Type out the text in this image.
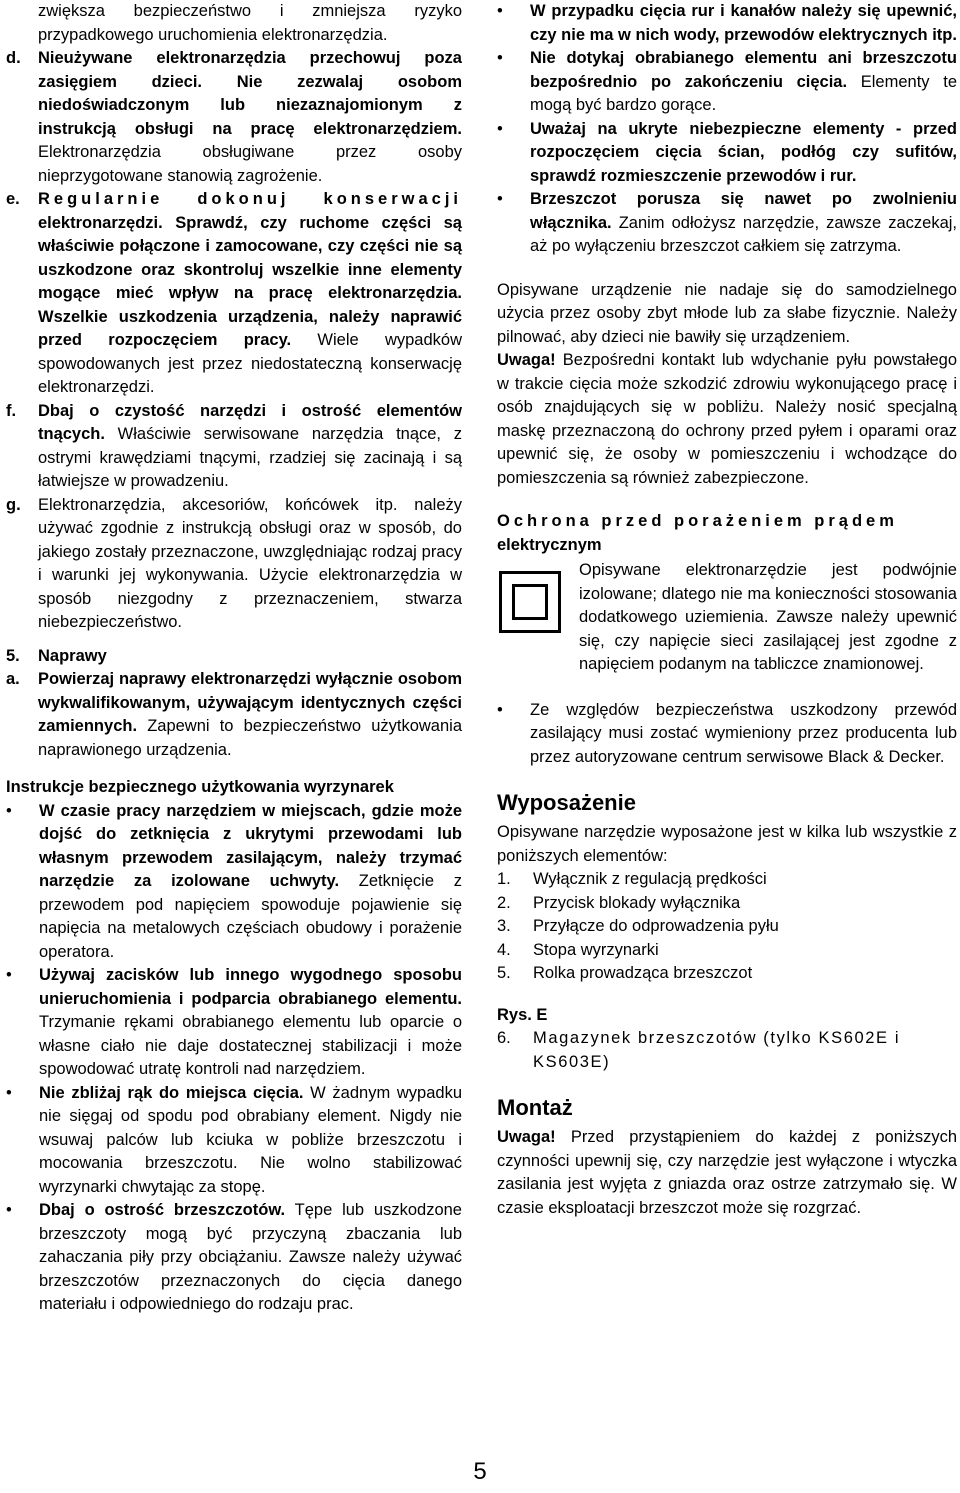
zwiększa bezpieczeństwo i zmniejsza ryzyko przypadkowego uruchomienia elektronarzędzia.

d.	Nieużywane elektronarzędzia przechowuj poza zasięgiem dzieci. Nie zezwalaj osobom niedoświadczonym lub niezaznajomionym z instrukcją obsługi na pracę elektronarzędziem. Elektronarzędzia obsługiwane przez osoby nieprzygotowane stanowią zagrożenie.

e.	Regularnie dokonuj konserwacji elektronarzędzi. Sprawdź, czy ruchome części są właściwie połączone i zamocowane, czy części nie są uszkodzone oraz skontroluj wszelkie inne elementy mogące mieć wpływ na pracę elektronarzędzia. Wszelkie uszkodzenia urządzenia, należy naprawić przed rozpoczęciem pracy. Wiele wypadków spowodowanych jest przez niedostateczną konserwację elektronarzędzi.

f.	Dbaj o czystość narzędzi i ostrość elementów tnących. Właściwie serwisowane narzędzia tnące, z ostrymi krawędziami tnącymi, rzadziej się zacinają i są łatwiejsze w prowadzeniu.

g.	Elektronarzędzia, akcesoriów, końcówek itp. należy używać zgodnie z instrukcją obsługi oraz w sposób, do jakiego zostały przeznaczone, uwzględniając rodzaj pracy i warunki jej wykonywania. Użycie elektronarzędzia w sposób niezgodny z przeznaczeniem, stwarza niebezpieczeństwo.

5.	Naprawy
a.	Powierzaj naprawy elektronarzędzi wyłącznie osobom wykwalifikowanym, używającym identycznych części zamiennych. Zapewni to bezpieczeństwo użytkowania naprawionego urządzenia.

Instrukcje bezpiecznego użytkowania wyrzynarek
•	W czasie pracy narzędziem w miejscach, gdzie może dojść do zetknięcia z ukrytymi przewodami lub własnym przewodem zasilającym, należy trzymać narzędzie za izolowane uchwyty. Zetknięcie z przewodem pod napięciem spowoduje pojawienie się napięcia na metalowych częściach obudowy i porażenie operatora.

•	Używaj zacisków lub innego wygodnego sposobu unieruchomienia i podparcia obrabianego elementu. Trzymanie rękami obrabianego elementu lub oparcie o własne ciało nie daje dostatecznej stabilizacji i może spowodować utratę kontroli nad narzędziem.

•	Nie zbliżaj rąk do miejsca cięcia. W żadnym wypadku nie sięgaj od spodu pod obrabiany element. Nigdy nie wsuwaj palców lub kciuka w pobliże brzeszczotu i mocowania brzeszczotu. Nie wolno stabilizować wyrzynarki chwytając za stopę.

•	Dbaj o ostrość brzeszczotów. Tępe lub uszkodzone brzeszczoty mogą być przyczyną zbaczania lub zahaczania piły przy obciążaniu. Zawsze należy używać brzeszczotów przeznaczonych do cięcia danego materiału i odpowiedniego do rodzaju prac.

•	W przypadku cięcia rur i kanałów należy się upewnić, czy nie ma w nich wody, przewodów elektrycznych itp.

•	Nie dotykaj obrabianego elementu ani brzeszczotu bezpośrednio po zakończeniu cięcia. Elementy te mogą być bardzo gorące.

•	Uważaj na ukryte niebezpieczne elementy - przed rozpoczęciem cięcia ścian, podłóg czy sufitów, sprawdź rozmieszczenie przewodów i rur.

•	Brzeszczot porusza się nawet po zwolnieniu włącznika. Zanim odłożysz narzędzie, zawsze zaczekaj, aż po wyłączeniu brzeszczot całkiem się zatrzyma.

Opisywane urządzenie nie nadaje się do samodzielnego użycia przez osoby zbyt młode lub za słabe fizycznie. Należy pilnować, aby dzieci nie bawiły się urządzeniem.

Uwaga! Bezpośredni kontakt lub wdychanie pyłu powstałego w trakcie cięcia może szkodzić zdrowiu wykonującego pracę i osób znajdujących się w pobliżu. Należy nosić specjalną maskę przeznaczoną do ochrony przed pyłem i oparami oraz upewnić się, że osoby w pomieszczeniu i wchodzące do pomieszczenia są również zabezpieczone.

Ochrona przed porażeniem prądem
elektrycznym

Opisywane elektronarzędzie jest podwójnie izolowane; dlatego nie ma konieczności stosowania dodatkowego uziemienia. Zawsze należy upewnić się, czy napięcie sieci zasilającej jest zgodne z napięciem podanym na tabliczce znamionowej.

•	Ze względów bezpieczeństwa uszkodzony przewód zasilający musi zostać wymieniony przez producenta lub przez autoryzowane centrum serwisowe Black & Decker.

Wyposażenie

Opisywane narzędzie wyposażone jest w kilka lub wszystkie z poniższych elementów:

1.	Wyłącznik z regulacją prędkości
2.	Przycisk blokady wyłącznika
3.	Przyłącze do odprowadzenia pyłu
4.	Stopa wyrzynarki
5.	Rolka prowadząca brzeszczot
Rys. E
6.	Magazynek brzeszczotów (tylko KS602E i KS603E)
Montaż

Uwaga! Przed przystąpieniem do każdej z poniższych czynności upewnij się, czy narzędzie jest wyłączone i wtyczka zasilania jest wyjęta z gniazda oraz ostrze zatrzymało się. W czasie eksploatacji brzeszczot może się rozgrzać.

5
